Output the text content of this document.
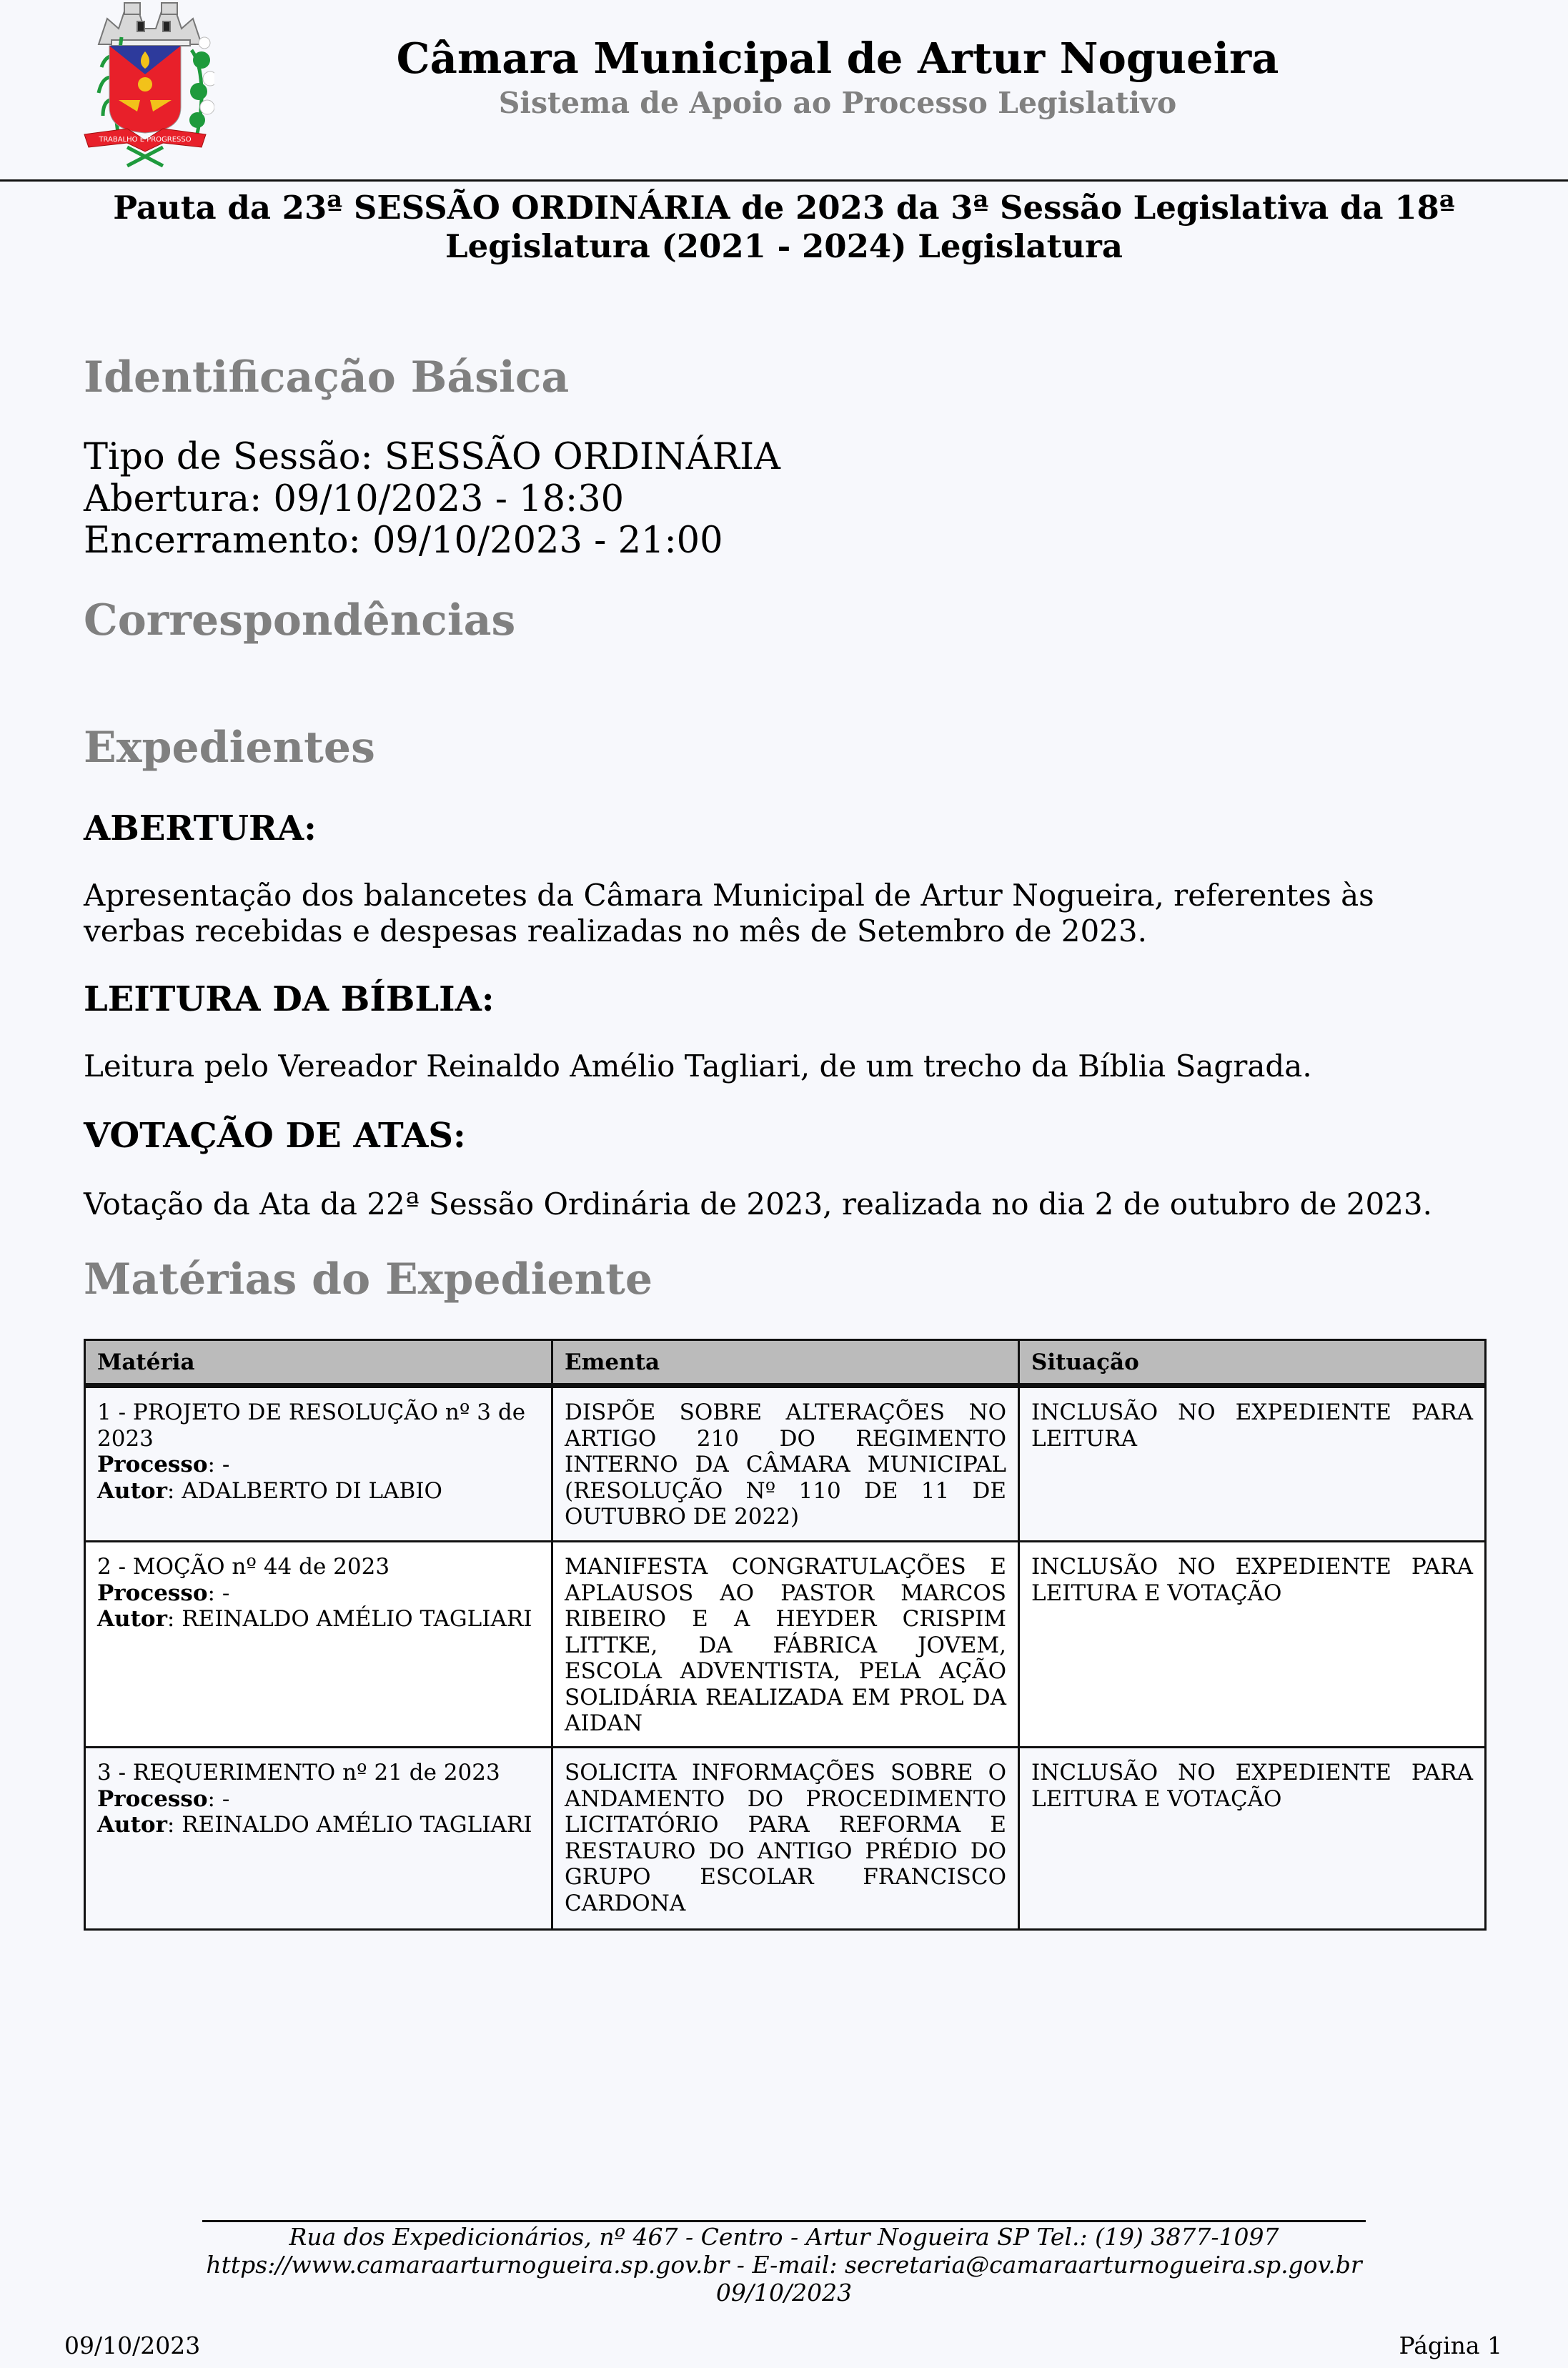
TRABALHO E PROGRESSO
Câmara Municipal de Artur Nogueira
Sistema de Apoio ao Processo Legislativo
Pauta da 23ª SESSÃO ORDINÁRIA de 2023 da 3ª Sessão Legislativa da 18ª Legislatura (2021 - 2024) Legislatura
Identificação Básica
Tipo de Sessão: SESSÃO ORDINÁRIA
Abertura: 09/10/2023 - 18:30
Encerramento: 09/10/2023 - 21:00
Correspondências
Expedientes
ABERTURA:
Apresentação dos balancetes da Câmara Municipal de Artur Nogueira, referentes às verbas recebidas e despesas realizadas no mês de Setembro de 2023.
LEITURA DA BÍBLIA:
Leitura pelo Vereador Reinaldo Amélio Tagliari, de um trecho da Bíblia Sagrada.
VOTAÇÃO DE ATAS:
Votação da Ata da 22ª Sessão Ordinária de 2023, realizada no dia 2 de outubro de 2023.
Matérias do Expediente
Matéria	Ementa	Situação

1 - PROJETO DE RESOLUÇÃO nº 3 de 2023
Processo: -
Autor: ADALBERTO DI LABIO	DISPÕE SOBRE ALTERAÇÕES NO ARTIGO 210 DO REGIMENTO INTERNO DA CÂMARA MUNICIPAL (RESOLUÇÃO Nº 110 DE 11 DE OUTUBRO DE 2022)	INCLUSÃO NO EXPEDIENTE PARA LEITURA

2 - MOÇÃO nº 44 de 2023
Processo: -
Autor: REINALDO AMÉLIO TAGLIARI	MANIFESTA CONGRATULAÇÕES E APLAUSOS AO PASTOR MARCOS RIBEIRO E A HEYDER CRISPIM LITTKE, DA FÁBRICA JOVEM, ESCOLA ADVENTISTA, PELA AÇÃO SOLIDÁRIA REALIZADA EM PROL DA AIDAN	INCLUSÃO NO EXPEDIENTE PARA LEITURA E VOTAÇÃO

3 - REQUERIMENTO nº 21 de 2023
Processo: -
Autor: REINALDO AMÉLIO TAGLIARI	SOLICITA INFORMAÇÕES SOBRE O ANDAMENTO DO PROCEDIMENTO LICITATÓRIO PARA REFORMA E RESTAURO DO ANTIGO PRÉDIO DO GRUPO ESCOLAR FRANCISCO CARDONA	INCLUSÃO NO EXPEDIENTE PARA LEITURA E VOTAÇÃO
Rua dos Expedicionários, nº 467 - Centro - Artur Nogueira SP Tel.: (19) 3877-1097 https://www.camaraarturnogueira.sp.gov.br - E-mail: secretaria@camaraarturnogueira.sp.gov.br
09/10/2023
09/10/2023	Página 1
